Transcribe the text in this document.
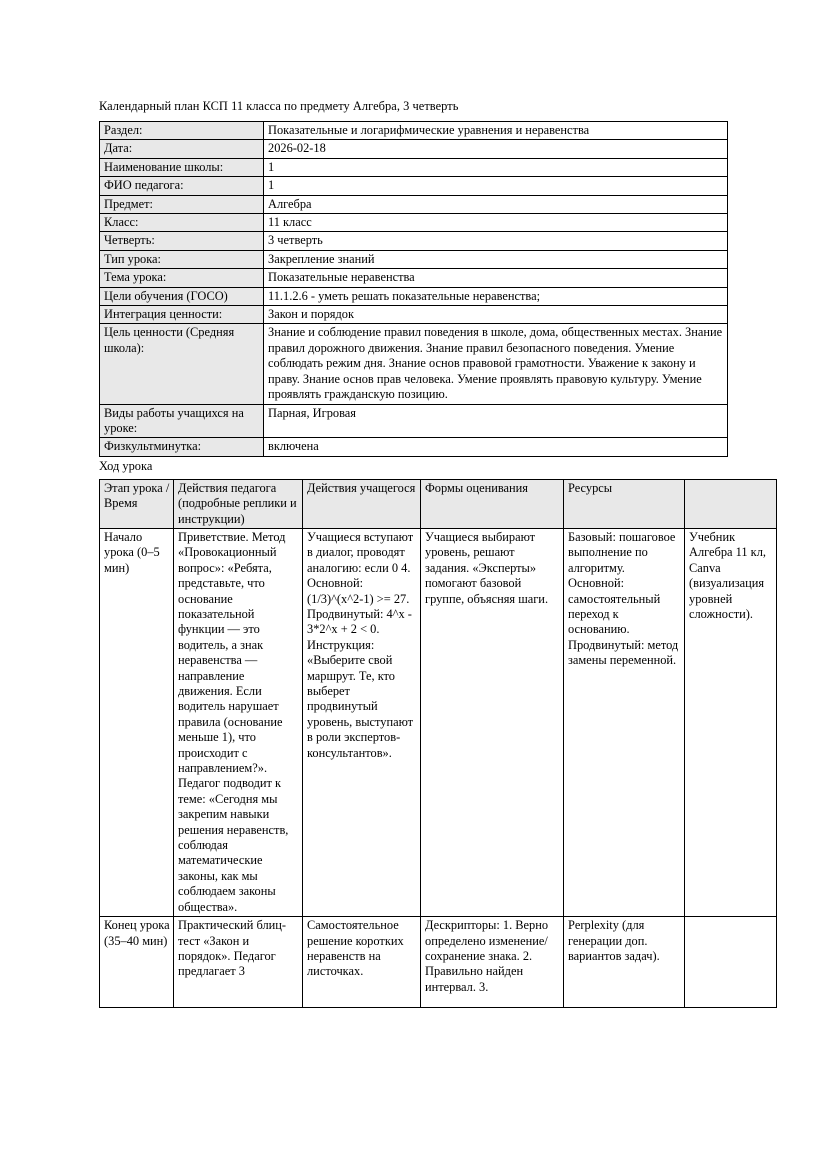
Календарный план КСП 11 класса по предмету Алгебра, 3 четверть
Раздел:	Показательные и логарифмические уравнения и неравенства
Дата:	2026-02-18
Наименование школы:	1
ФИО педагога:	1
Предмет:	Алгебра
Класс:	11 класс
Четверть:	3 четверть
Тип урока:	Закрепление знаний
Тема урока:	Показательные неравенства
Цели обучения (ГОСО)	11.1.2.6 - уметь решать показательные неравенства;
Интеграция ценности:	Закон и порядок
Цель ценности (Средняя школа):	Знание и соблюдение правил поведения в школе, дома, общественных местах. Знание правил дорожного движения. Знание правил безопасного поведения. Умение соблюдать режим дня. Знание основ правовой грамотности. Уважение к закону и праву. Знание основ прав человека. Умение проявлять правовую культуру. Умение проявлять гражданскую позицию.
Виды работы учащихся на уроке:	Парная, Игровая
Физкультминутка:	включена
Ход урока
Этап урока / Время	Действия педагога (подробные реплики и инструкции)	Действия учащегося	Формы оценивания	Ресурсы	
Начало урока (0–5 мин)	Приветствие. Метод «Провокационный вопрос»: «Ребята, представьте, что основание показательной функции — это водитель, а знак неравенства — направление движения. Если водитель нарушает правила (основание меньше 1), что происходит с направлением?». Педагог подводит к теме: «Сегодня мы закрепим навыки решения неравенств, соблюдая математические законы, как мы соблюдаем законы общества».	Учащиеся вступают в диалог, проводят аналогию: если 0 4. Основной: (1/3)^(x^2-1) >= 27. Продвинутый: 4^x - 3*2^x + 2 < 0. Инструкция: «Выберите свой маршрут. Те, кто выберет продвинутый уровень, выступают в роли экспертов-консультантов».	Учащиеся выбирают уровень, решают задания. «Эксперты» помогают базовой группе, объясняя шаги.	Базовый: пошаговое выполнение по алгоритму. Основной: самостоятельный переход к основанию. Продвинутый: метод замены переменной.	Учебник Алгебра 11 кл, Canva (визуализация уровней сложности).
Конец урока (35–40 мин)	Практический блиц-тест «Закон и порядок». Педагог предлагает 3	Самостоятельное решение коротких неравенств на листочках.	Дескрипторы: 1. Верно определено изменение/сохранение знака. 2. Правильно найден интервал. 3.	Perplexity (для генерации доп. вариантов задач).	
